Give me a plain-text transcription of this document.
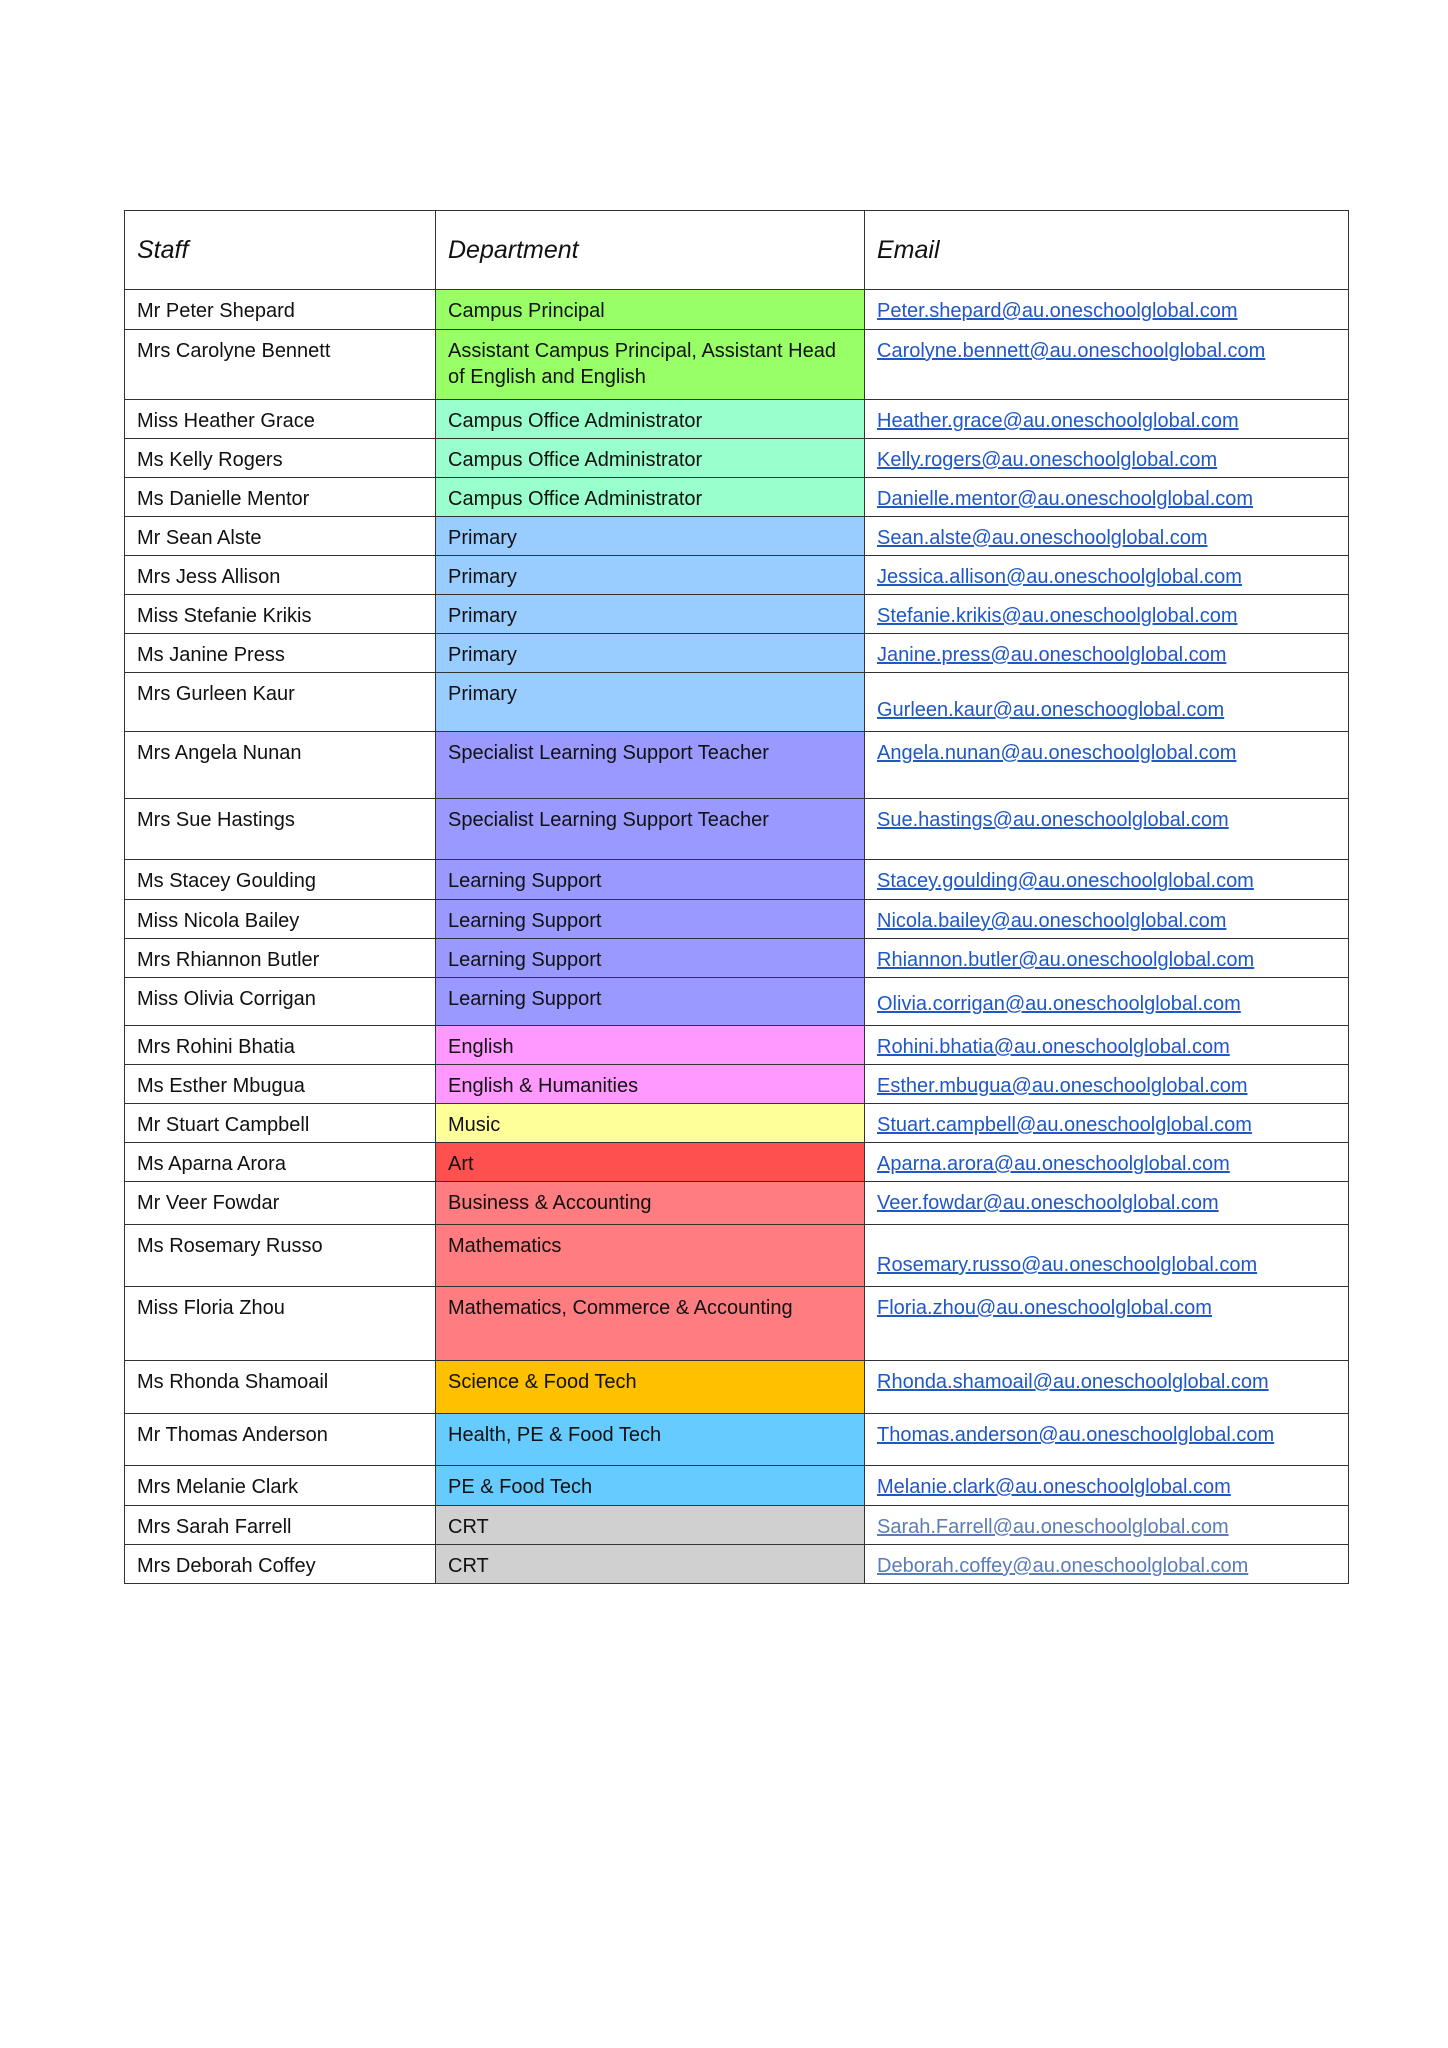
Staff	Department	Email
Mr Peter Shepard	Campus Principal	Peter.shepard@au.oneschoolglobal.com
Mrs Carolyne Bennett	Assistant Campus Principal, Assistant Head of English and English	Carolyne.bennett@au.oneschoolglobal.com
Miss Heather Grace	Campus Office Administrator	Heather.grace@au.oneschoolglobal.com
Ms Kelly Rogers	Campus Office Administrator	Kelly.rogers@au.oneschoolglobal.com
Ms Danielle Mentor	Campus Office Administrator	Danielle.mentor@au.oneschoolglobal.com
Mr Sean Alste	Primary	Sean.alste@au.oneschoolglobal.com
Mrs Jess Allison	Primary	Jessica.allison@au.oneschoolglobal.com
Miss Stefanie Krikis	Primary	Stefanie.krikis@au.oneschoolglobal.com
Ms Janine Press	Primary	Janine.press@au.oneschoolglobal.com
Mrs Gurleen Kaur	Primary	Gurleen.kaur@au.oneschooglobal.com
Mrs Angela Nunan	Specialist Learning Support Teacher	Angela.nunan@au.oneschoolglobal.com
Mrs Sue Hastings	Specialist Learning Support Teacher	Sue.hastings@au.oneschoolglobal.com
Ms Stacey Goulding	Learning Support	Stacey.goulding@au.oneschoolglobal.com
Miss Nicola Bailey	Learning Support	Nicola.bailey@au.oneschoolglobal.com
Mrs Rhiannon Butler	Learning Support	Rhiannon.butler@au.oneschoolglobal.com
Miss Olivia Corrigan	Learning Support	Olivia.corrigan@au.oneschoolglobal.com
Mrs Rohini Bhatia	English	Rohini.bhatia@au.oneschoolglobal.com
Ms Esther Mbugua	English & Humanities	Esther.mbugua@au.oneschoolglobal.com
Mr Stuart Campbell	Music	Stuart.campbell@au.oneschoolglobal.com
Ms Aparna Arora	Art	Aparna.arora@au.oneschoolglobal.com
Mr Veer Fowdar	Business & Accounting	Veer.fowdar@au.oneschoolglobal.com
Ms Rosemary Russo	Mathematics	Rosemary.russo@au.oneschoolglobal.com
Miss Floria Zhou	Mathematics, Commerce & Accounting	Floria.zhou@au.oneschoolglobal.com
Ms Rhonda Shamoail	Science & Food Tech	Rhonda.shamoail@au.oneschoolglobal.com
Mr Thomas Anderson	Health, PE & Food Tech	Thomas.anderson@au.oneschoolglobal.com
Mrs Melanie Clark	PE & Food Tech	Melanie.clark@au.oneschoolglobal.com
Mrs Sarah Farrell	CRT	Sarah.Farrell@au.oneschoolglobal.com
Mrs Deborah Coffey	CRT	Deborah.coffey@au.oneschoolglobal.com
